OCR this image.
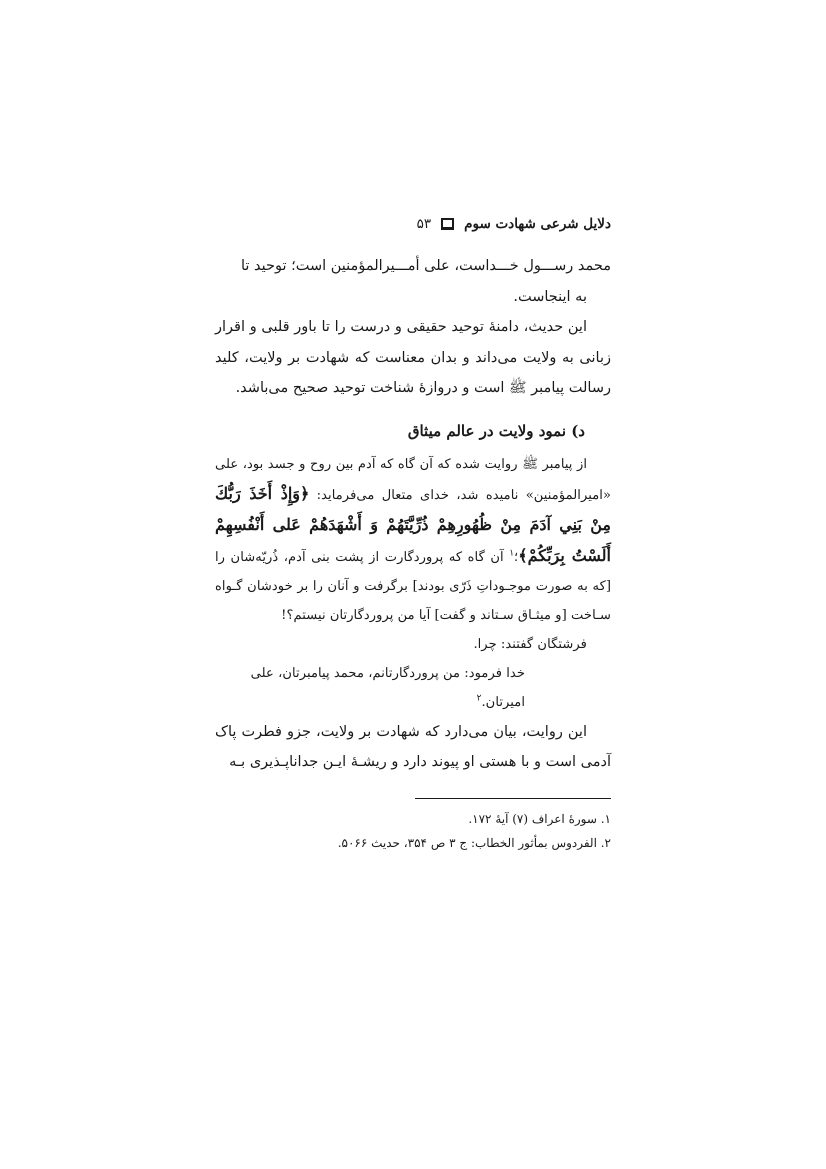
دلایل شرعی شهادت سوم
۵۳

محمد رســـول خـــداست، علی أمـــیرالمؤمنین است؛ توحید تا

به اینجاست.

این حدیث، دامنهٔ توحید حقیقی و درست را تا باور قلبی و اقرار زبانی به ولایت می‌داند و بدان معناست که شهادت بر ولایت، کلید رسالت پیامبر ﷺ است و دروازهٔ شناخت توحید صحیح می‌باشد.

د) نمود ولایت در عالم میثاق

از پیامبر ﷺ روایت شده که آن گاه که آدم بین روح و جسد بود، علی «امیرالمؤمنین» نامیده شد، خدای متعال می‌فرماید: ﴿وَإِذْ أَخَذَ رَبُّكَ مِنْ بَنِي آدَمَ مِنْ ظُهُورِهِمْ ذُرِّيَّتَهُمْ وَ أَشْهَدَهُمْ عَلى أَنْفُسِهِمْ أَلَسْتُ بِرَبِّكُمْ﴾؛$^۱$ آن گاه که پروردگارت از پشت بنی آدم، ذُریّه‌شان را [که به صورت موجـوداتِ ذَرّی بودند] برگرفت و آنان را بر خودشان گـواه سـاخت [و میثـاق سـتاند و گفت] آیا من پروردگارتان نیستم؟!

فرشتگان گفتند: چرا.

خدا فرمود: من پروردگارتانم، محمد پیامبرتان، علی امیرتان.$^۲$

این روایت، بیان می‌دارد که شهادت بر ولایت، جزو فطرت پاک آدمی است و با هستی او پیوند دارد و ریشـهٔ ایـن جداناپـذیری بـه

۱. سورهٔ اعراف (۷) آیهٔ ۱۷۲.
۲. الفردوس بمأثور الخطاب: ج ۳ ص ۳۵۴، حدیث ۵۰۶۶.
